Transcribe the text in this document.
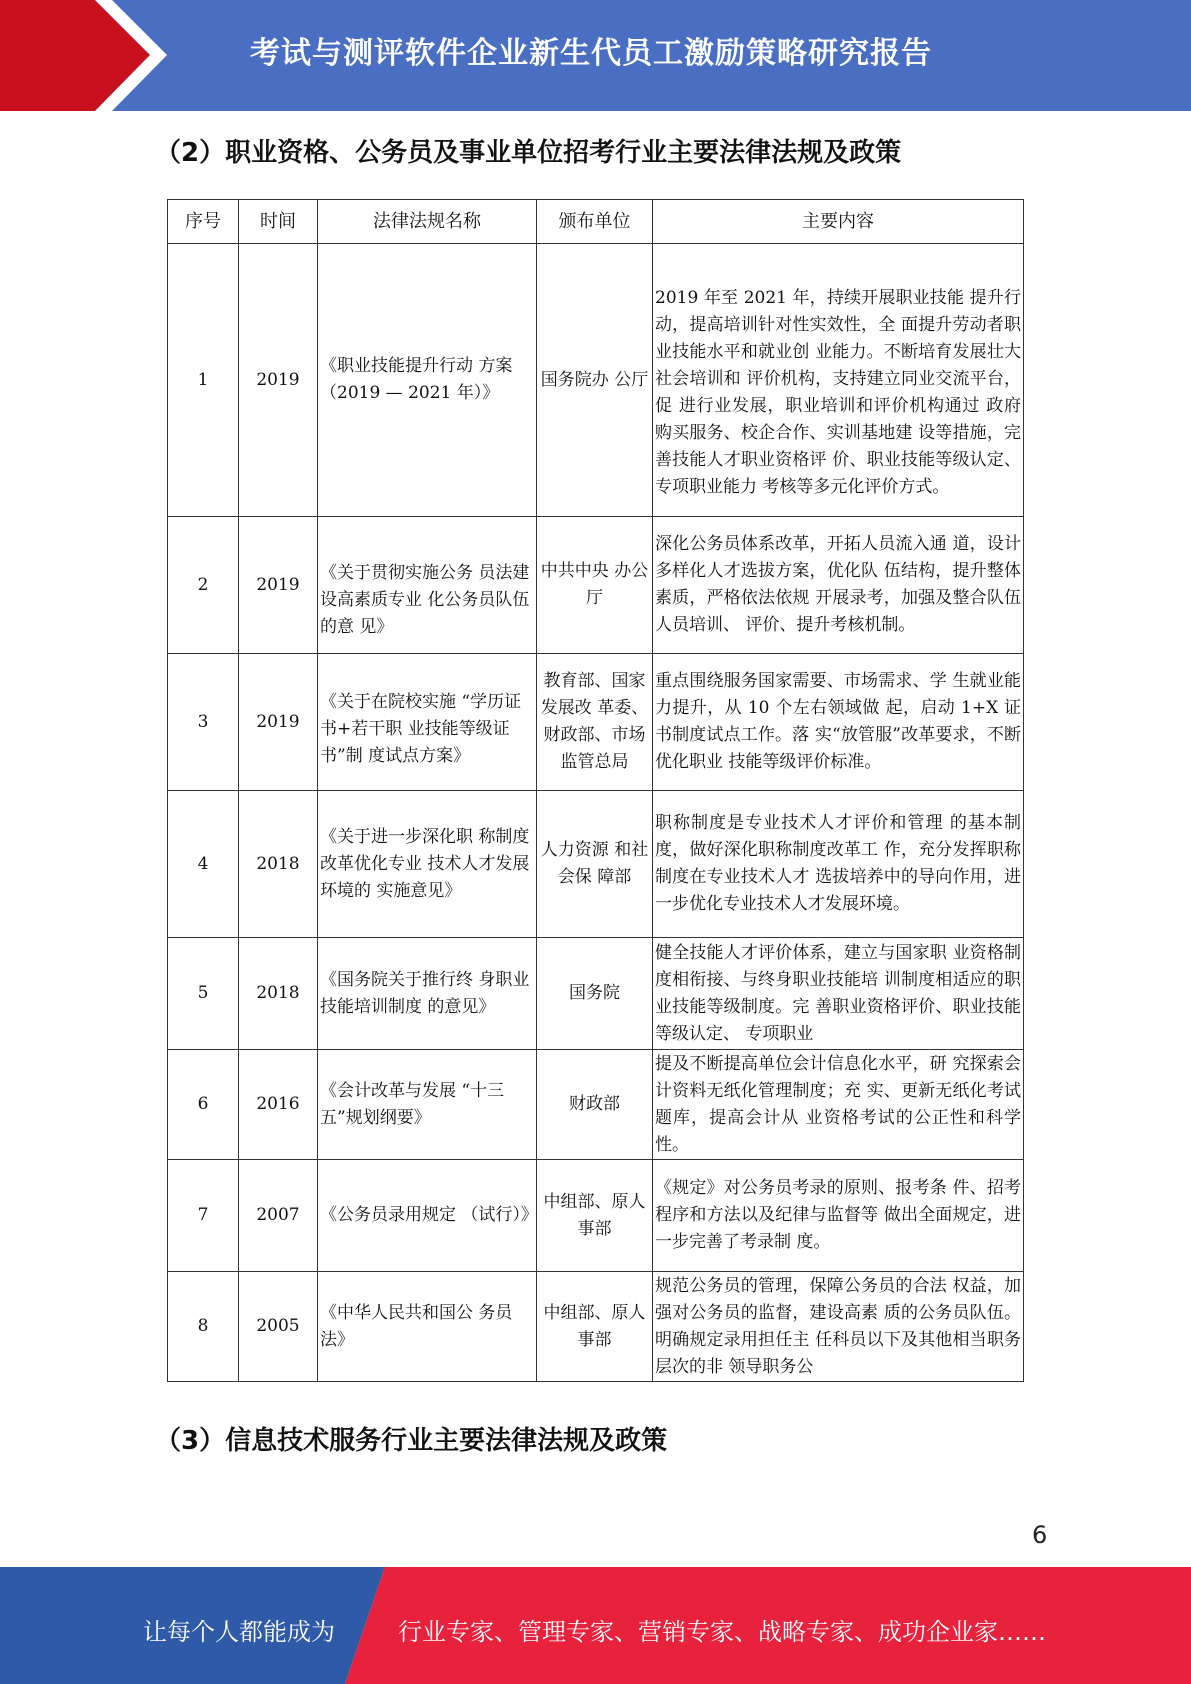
考试与测评软件企业新生代员工激励策略研究报告
（2）职业资格、公务员及事业单位招考行业主要法律法规及政策
序号	时间	法律法规名称	颁布单位	主要内容
1	2019	《职业技能提升行动 方案（2019 — 2021 年）》	国务院办 公厅	2019 年至 2021 年，持续开展职业技能 提升行动，提高培训针对性实效性，全 面提升劳动者职业技能水平和就业创 业能力。不断培育发展壮大社会培训和 评价机构，支持建立同业交流平台，促 进行业发展，职业培训和评价机构通过 政府购买服务、校企合作、实训基地建 设等措施，完善技能人才职业资格评 价、职业技能等级认定、专项职业能力 考核等多元化评价方式。
2	2019	《关于贯彻实施公务 员法建设高素质专业 化公务员队伍的意 见》	中共中央 办公厅	深化公务员体系改革，开拓人员流入通 道，设计多样化人才选拔方案，优化队 伍结构，提升整体素质，严格依法依规 开展录考，加强及整合队伍人员培训、 评价、提升考核机制。
3	2019	《关于在院校实施 “学历证书+若干职 业技能等级证书”制 度试点方案》	教育部、国家发展改 革委、财政部、市场监管总局	重点围绕服务国家需要、市场需求、学 生就业能力提升，从 10 个左右领域做 起，启动 1+X 证书制度试点工作。落 实“放管服”改革要求，不断优化职业 技能等级评价标准。
4	2018	《关于进一步深化职 称制度改革优化专业 技术人才发展环境的 实施意见》	人力资源 和社会保 障部	职称制度是专业技术人才评价和管理 的基本制度，做好深化职称制度改革工 作，充分发挥职称制度在专业技术人才 选拔培养中的导向作用，进一步优化专业技术人才发展环境。
5	2018	《国务院关于推行终 身职业技能培训制度 的意见》	国务院	健全技能人才评价体系，建立与国家职 业资格制度相衔接、与终身职业技能培 训制度相适应的职业技能等级制度。完 善职业资格评价、职业技能等级认定、 专项职业
6	2016	《会计改革与发展 “十三五”规划纲要》	财政部	提及不断提高单位会计信息化水平，研 究探索会计资料无纸化管理制度；充 实、更新无纸化考试题库，提高会计从 业资格考试的公正性和科学性。
7	2007	《公务员录用规定 （试行）》	中组部、原人事部	《规定》对公务员考录的原则、报考条 件、招考程序和方法以及纪律与监督等 做出全面规定，进一步完善了考录制 度。
8	2005	《中华人民共和国公 务员法》	中组部、原人事部	规范公务员的管理，保障公务员的合法 权益，加强对公务员的监督，建设高素 质的公务员队伍。明确规定录用担任主 任科员以下及其他相当职务层次的非 领导职务公
（3）信息技术服务行业主要法律法规及政策
6
让每个人都能成为	行业专家、管理专家、营销专家、战略专家、成功企业家……
